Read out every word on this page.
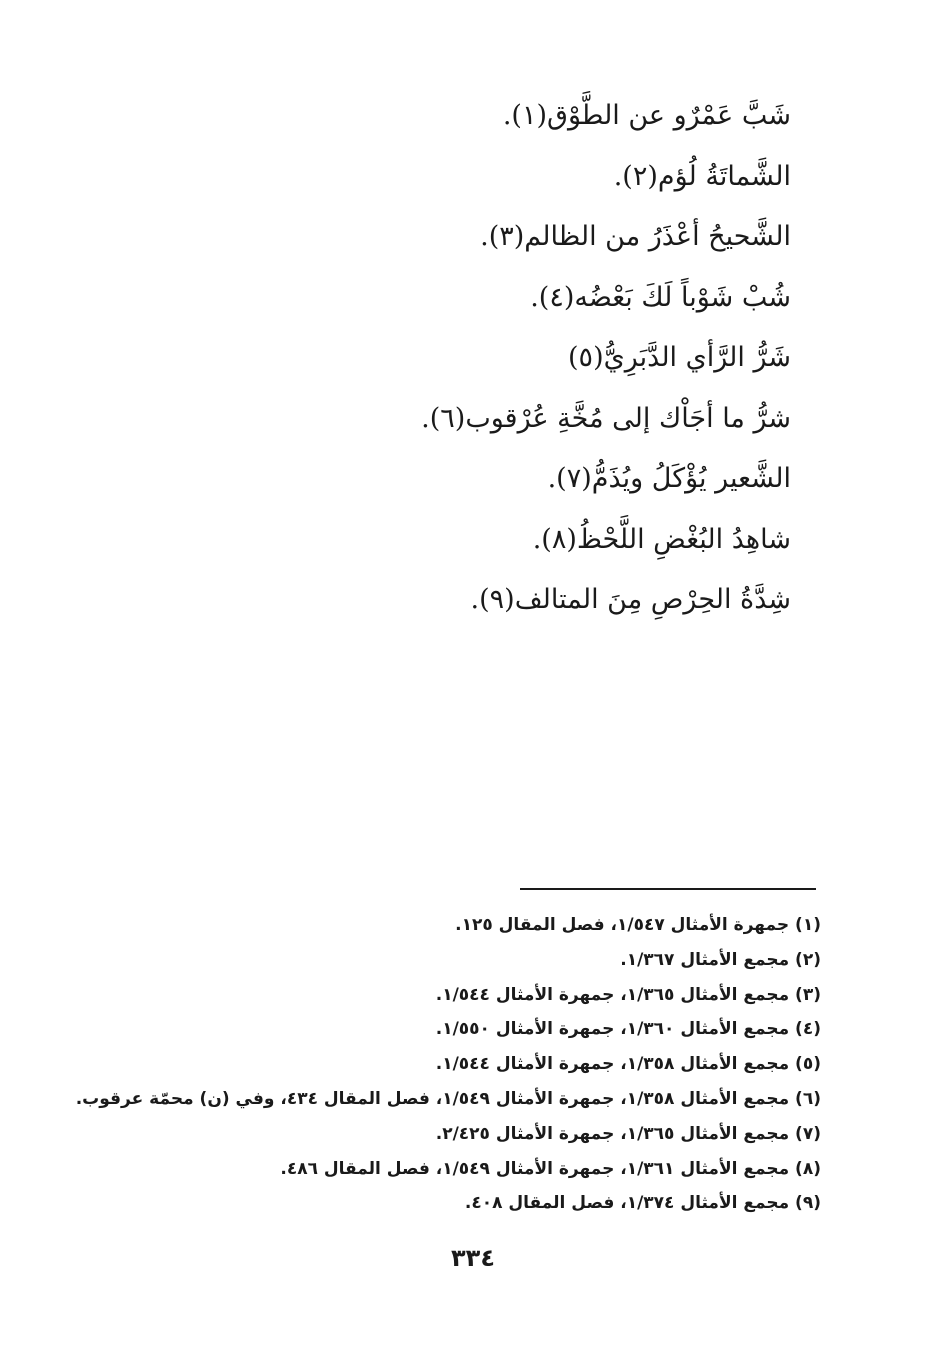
شَبَّ عَمْرٌو عن الطَّوْق(١).
الشَّماتَةُ لُؤم(٢).
الشَّحيحُ أعْذَرُ من الظالم(٣).
شُبْ شَوْباً لَكَ بَعْضُه(٤).
شَرُّ الرَّأي الدَّبَرِيُّ(٥)
شرُّ ما أجَاْك إلى مُخَّةِ عُرْقوب(٦).
الشَّعير يُؤْكَلُ ويُذَمُّ(٧).
شاهِدُ البُغْضِ اللَّحْظُ(٨).
شِدَّةُ الحِرْصِ مِنَ المتالف(٩).
(١) جمهرة الأمثال ١/٥٤٧، فصل المقال ١٢٥.
(٢) مجمع الأمثال ١/٣٦٧.
(٣) مجمع الأمثال ١/٣٦٥، جمهرة الأمثال ١/٥٤٤.
(٤) مجمع الأمثال ١/٣٦٠، جمهرة الأمثال ١/٥٥٠.
(٥) مجمع الأمثال ١/٣٥٨، جمهرة الأمثال ١/٥٤٤.
(٦) مجمع الأمثال ١/٣٥٨، جمهرة الأمثال ١/٥٤٩، فصل المقال ٤٣٤، وفي (ن) محمّة عرقوب.
(٧) مجمع الأمثال ١/٣٦٥، جمهرة الأمثال ٢/٤٢٥.
(٨) مجمع الأمثال ١/٣٦١، جمهرة الأمثال ١/٥٤٩، فصل المقال ٤٨٦.
(٩) مجمع الأمثال ١/٣٧٤، فصل المقال ٤٠٨.
٣٣٤
